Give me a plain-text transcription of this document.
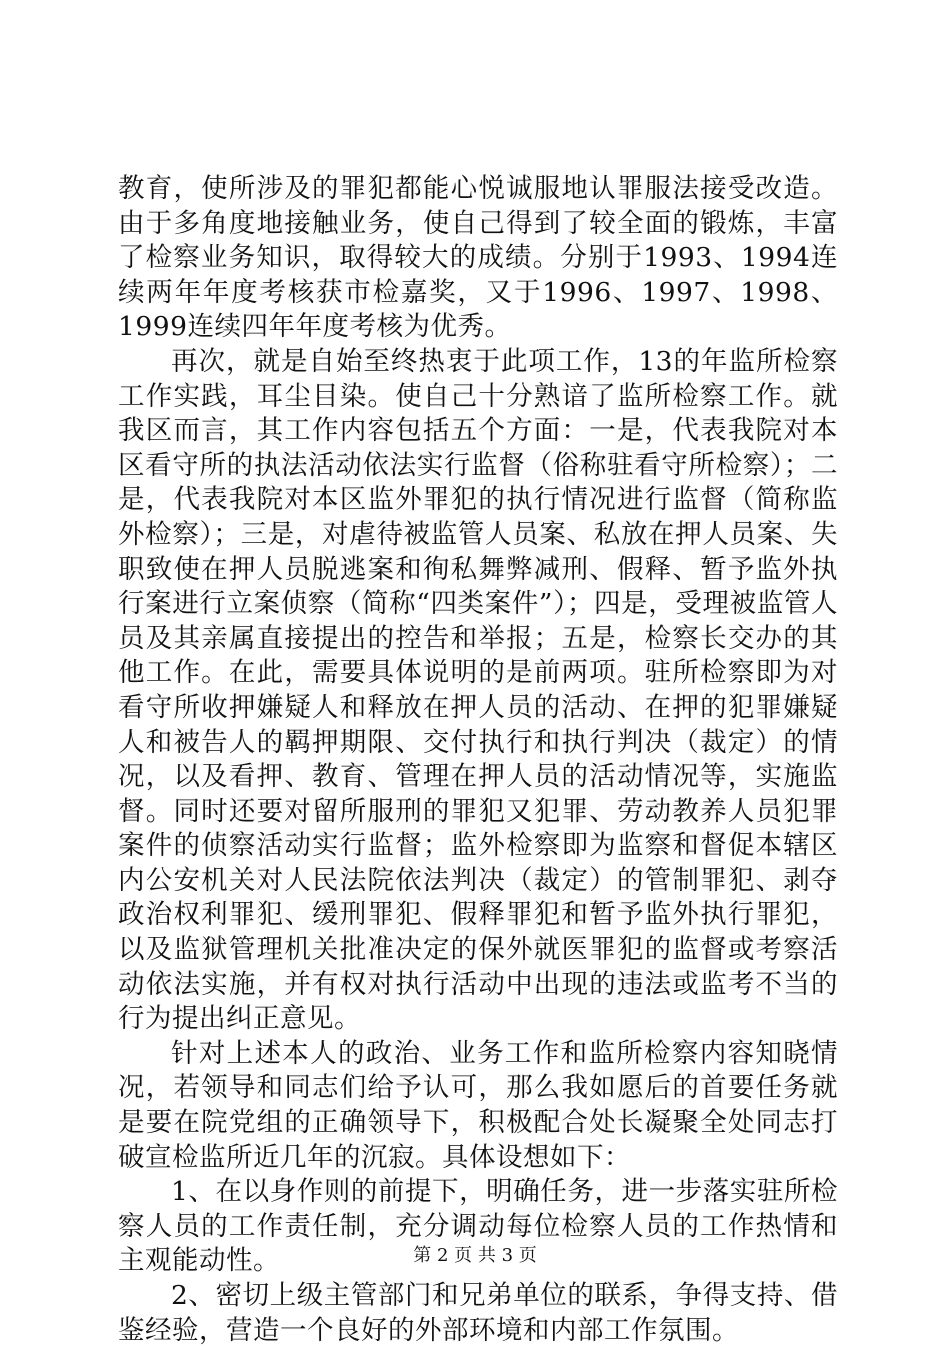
教育，使所涉及的罪犯都能心悦诚服地认罪服法接受改造。由于多角度地接触业务，使自己得到了较全面的锻炼，丰富了检察业务知识，取得较大的成绩。分别于1993、1994连续两年年度考核获市检嘉奖，又于1996、1997、1998、1999连续四年年度考核为优秀。

再次，就是自始至终热衷于此项工作，13的年监所检察工作实践，耳尘目染。使自己十分熟谙了监所检察工作。就我区而言，其工作内容包括五个方面：一是，代表我院对本区看守所的执法活动依法实行监督（俗称驻看守所检察）；二是，代表我院对本区监外罪犯的执行情况进行监督（简称监外检察）；三是，对虐待被监管人员案、私放在押人员案、失职致使在押人员脱逃案和徇私舞弊减刑、假释、暂予监外执行案进行立案侦察（简称“四类案件”）；四是，受理被监管人员及其亲属直接提出的控告和举报；五是，检察长交办的其他工作。在此，需要具体说明的是前两项。驻所检察即为对看守所收押嫌疑人和释放在押人员的活动、在押的犯罪嫌疑人和被告人的羁押期限、交付执行和执行判决（裁定）的情况，以及看押、教育、管理在押人员的活动情况等，实施监督。同时还要对留所服刑的罪犯又犯罪、劳动教养人员犯罪案件的侦察活动实行监督；监外检察即为监察和督促本辖区内公安机关对人民法院依法判决（裁定）的管制罪犯、剥夺政治权利罪犯、缓刑罪犯、假释罪犯和暂予监外执行罪犯，以及监狱管理机关批准决定的保外就医罪犯的监督或考察活动依法实施，并有权对执行活动中出现的违法或监考不当的行为提出纠正意见。

针对上述本人的政治、业务工作和监所检察内容知晓情况，若领导和同志们给予认可，那么我如愿后的首要任务就是要在院党组的正确领导下，积极配合处长凝聚全处同志打破宣检监所近几年的沉寂。具体设想如下：

1、在以身作则的前提下，明确任务，进一步落实驻所检察人员的工作责任制，充分调动每位检察人员的工作热情和主观能动性。

2、密切上级主管部门和兄弟单位的联系，争得支持、借鉴经验，营造一个良好的外部环境和内部工作氛围。

第 2 页 共 3 页
